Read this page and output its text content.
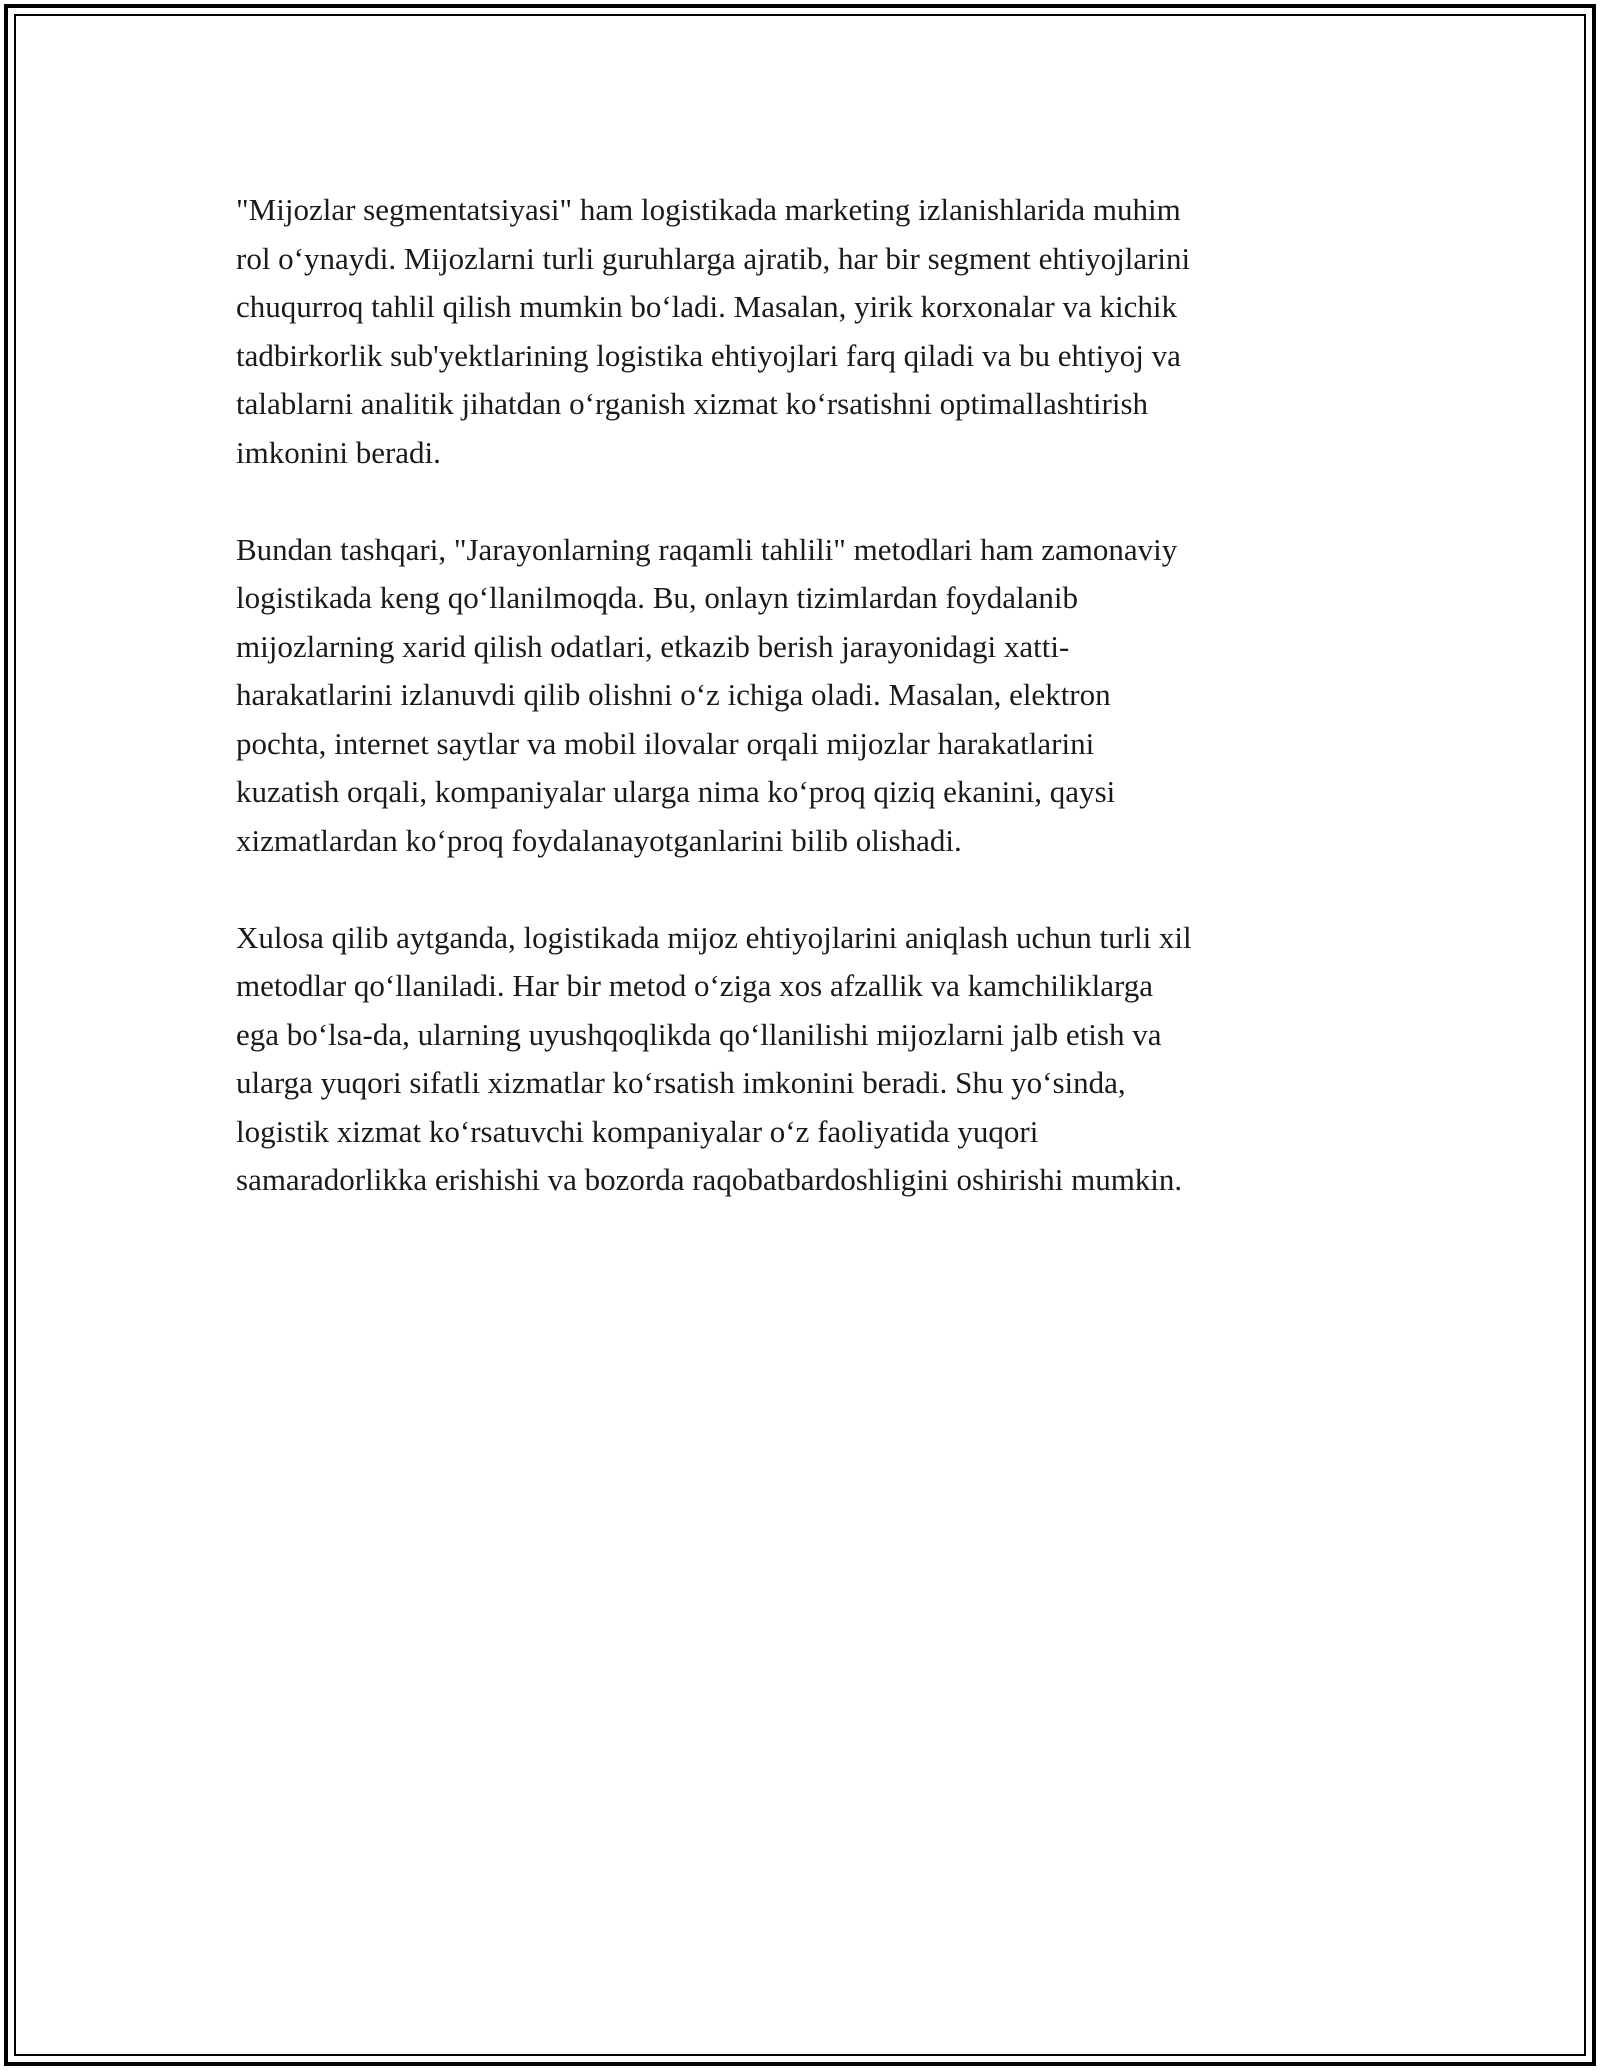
"Mijozlar segmentatsiyasi" ham logistikada marketing izlanishlarida muhim
rol oʻynaydi. Mijozlarni turli guruhlarga ajratib, har bir segment ehtiyojlarini
chuqurroq tahlil qilish mumkin boʻladi. Masalan, yirik korxonalar va kichik
tadbirkorlik sub'yektlarining logistika ehtiyojlari farq qiladi va bu ehtiyoj va
talablarni analitik jihatdan oʻrganish xizmat koʻrsatishni optimallashtirish
imkonini beradi.

Bundan tashqari, "Jarayonlarning raqamli tahlili" metodlari ham zamonaviy
logistikada keng qoʻllanilmoqda. Bu, onlayn tizimlardan foydalanib
mijozlarning xarid qilish odatlari, etkazib berish jarayonidagi xatti-
harakatlarini izlanuvdi qilib olishni oʻz ichiga oladi. Masalan, elektron
pochta, internet saytlar va mobil ilovalar orqali mijozlar harakatlarini
kuzatish orqali, kompaniyalar ularga nima koʻproq qiziq ekanini, qaysi
xizmatlardan koʻproq foydalanayotganlarini bilib olishadi.

Xulosa qilib aytganda, logistikada mijoz ehtiyojlarini aniqlash uchun turli xil
metodlar qoʻllaniladi. Har bir metod oʻziga xos afzallik va kamchiliklarga
ega boʻlsa-da, ularning uyushqoqlikda qoʻllanilishi mijozlarni jalb etish va
ularga yuqori sifatli xizmatlar koʻrsatish imkonini beradi. Shu yoʻsinda,
logistik xizmat koʻrsatuvchi kompaniyalar oʻz faoliyatida yuqori
samaradorlikka erishishi va bozorda raqobatbardoshligini oshirishi mumkin.
